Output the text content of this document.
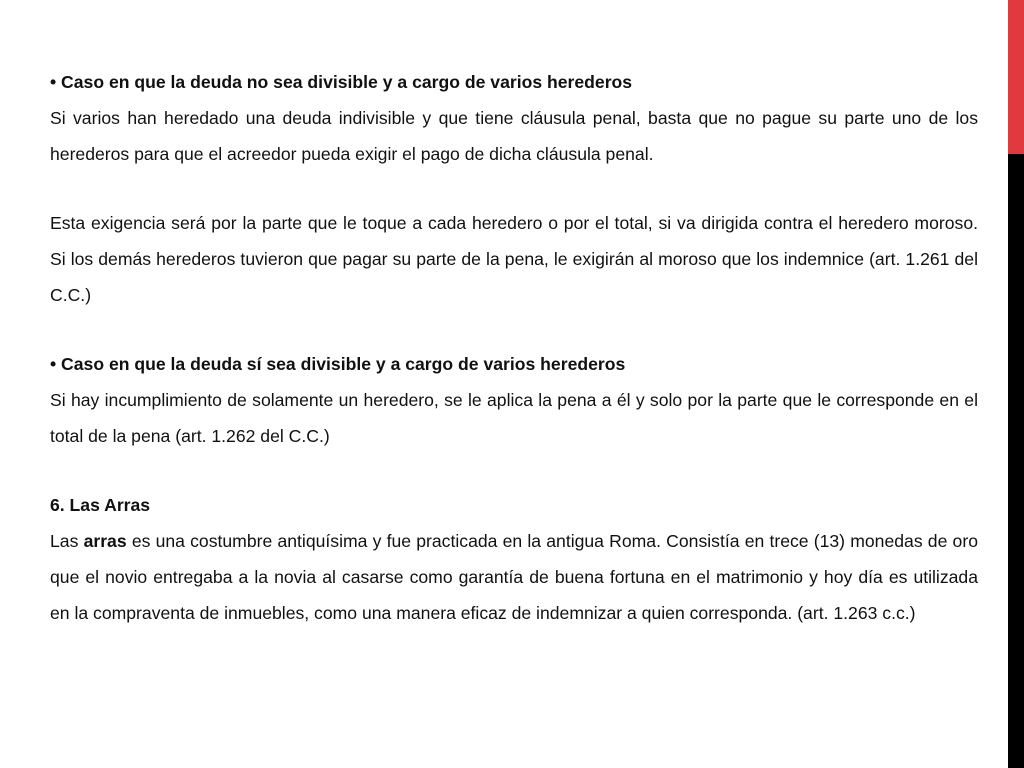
• Caso en que la deuda no sea divisible y a cargo de varios herederos

Si varios han heredado una deuda indivisible y que tiene cláusula penal, basta que no pague su parte uno de los herederos para que el acreedor pueda exigir el pago de dicha cláusula penal.

Esta exigencia será por la parte que le toque a cada heredero o por el total, si va dirigida contra el heredero moroso. Si los demás herederos tuvieron que pagar su parte de la pena, le exigirán al moroso que los indemnice (art. 1.261 del C.C.)

• Caso en que la deuda sí sea divisible y a cargo de varios herederos

Si hay incumplimiento de solamente un heredero, se le aplica la pena a él y solo por la parte que le corresponde en el total de la pena (art. 1.262 del C.C.)

6. Las Arras

Las arras es una costumbre antiquísima y fue practicada en la antigua Roma. Consistía en trece (13) monedas de oro que el novio entregaba a la novia al casarse como garantía de buena fortuna en el matrimonio y hoy día es utilizada en la compraventa de inmuebles, como una manera eficaz de indemnizar a quien corresponda. (art. 1.263 c.c.)
